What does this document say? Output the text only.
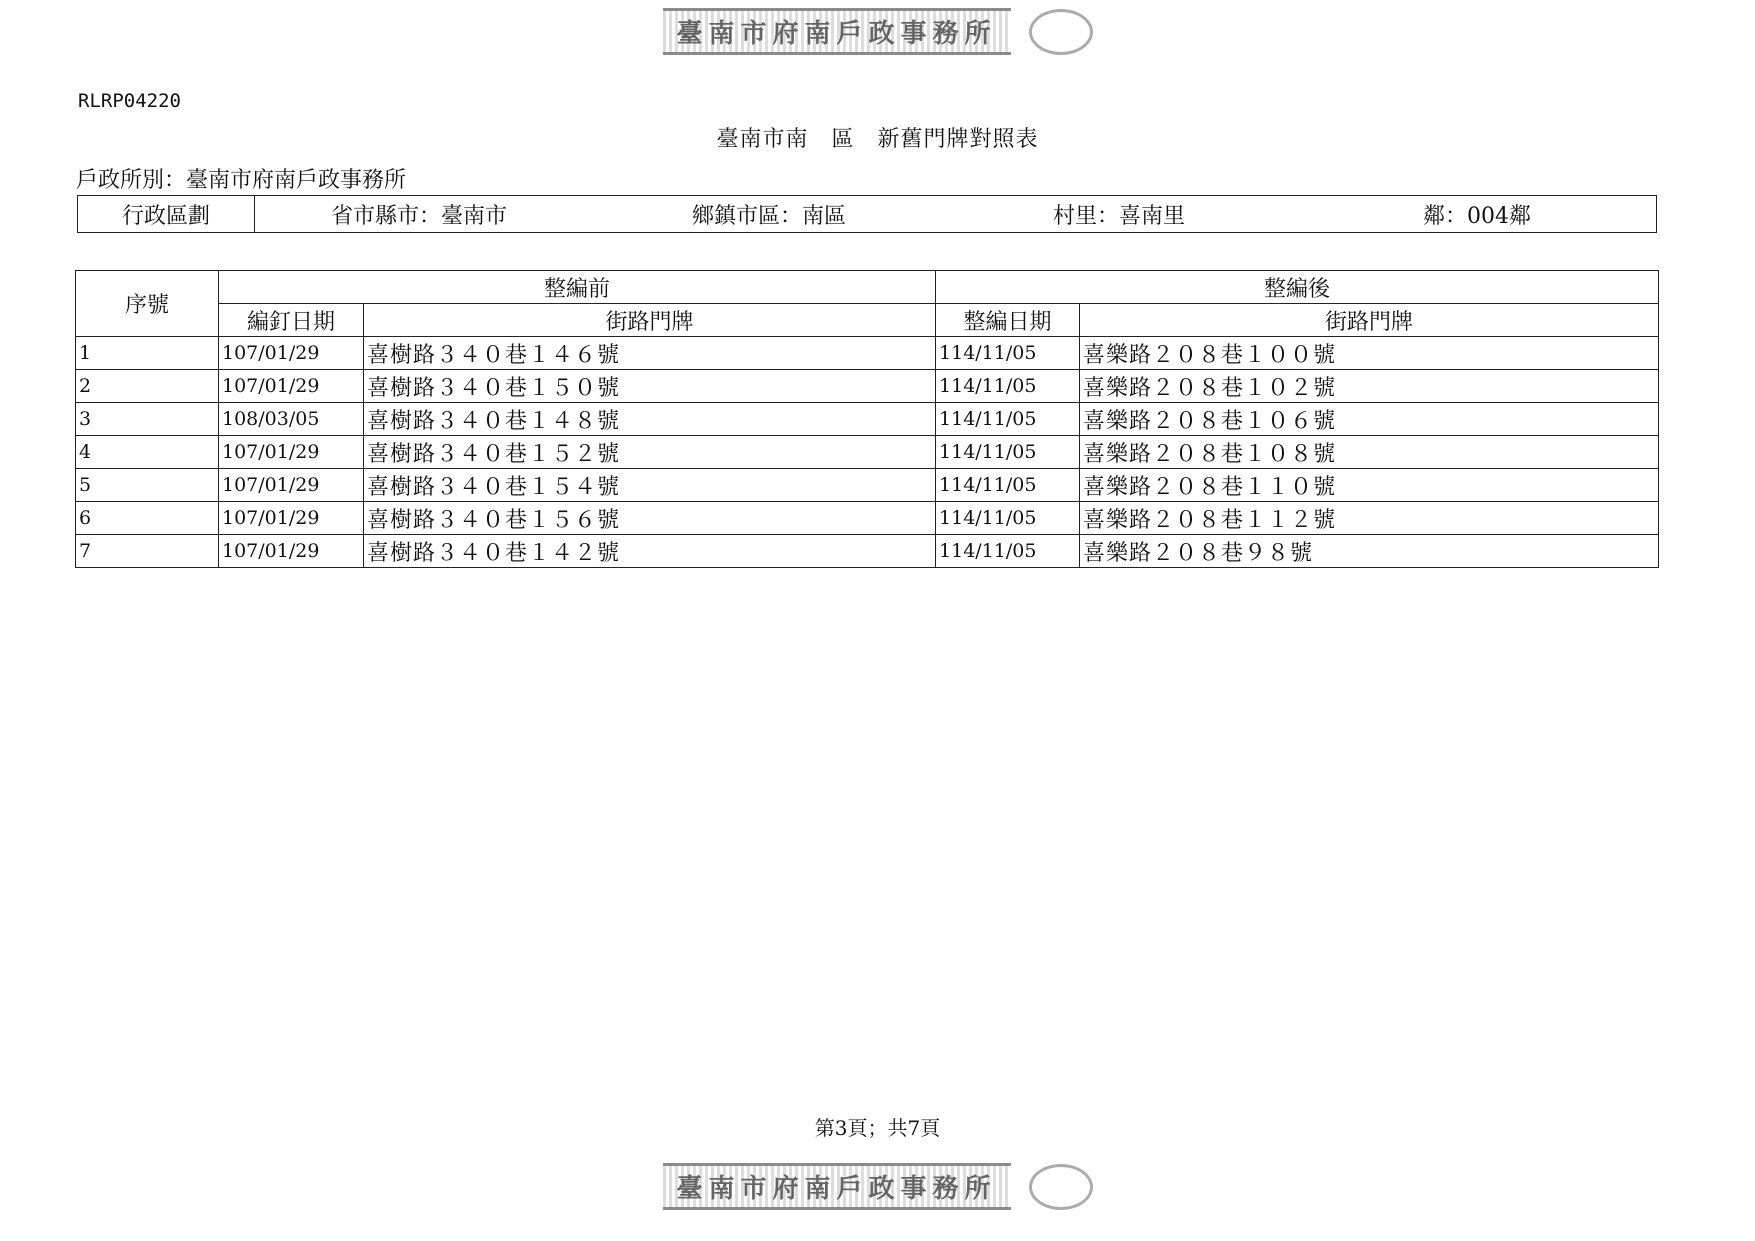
臺南市府南戶政事務所
RLRP04220
臺南市南　區　新舊門牌對照表
戶政所別：臺南市府南戶政事務所
行政區劃	省市縣市：臺南市	鄉鎮市區：南區	村里：喜南里	鄰：004鄰
序號	整編前		整編後	
	編釘日期	街路門牌	整編日期	街路門牌
1	107/01/29	喜樹路３４０巷１４６號	114/11/05	喜樂路２０８巷１００號
2	107/01/29	喜樹路３４０巷１５０號	114/11/05	喜樂路２０８巷１０２號
3	108/03/05	喜樹路３４０巷１４８號	114/11/05	喜樂路２０８巷１０６號
4	107/01/29	喜樹路３４０巷１５２號	114/11/05	喜樂路２０８巷１０８號
5	107/01/29	喜樹路３４０巷１５４號	114/11/05	喜樂路２０８巷１１０號
6	107/01/29	喜樹路３４０巷１５６號	114/11/05	喜樂路２０８巷１１２號
7	107/01/29	喜樹路３４０巷１４２號	114/11/05	喜樂路２０８巷９８號
第3頁；共7頁
臺南市府南戶政事務所
